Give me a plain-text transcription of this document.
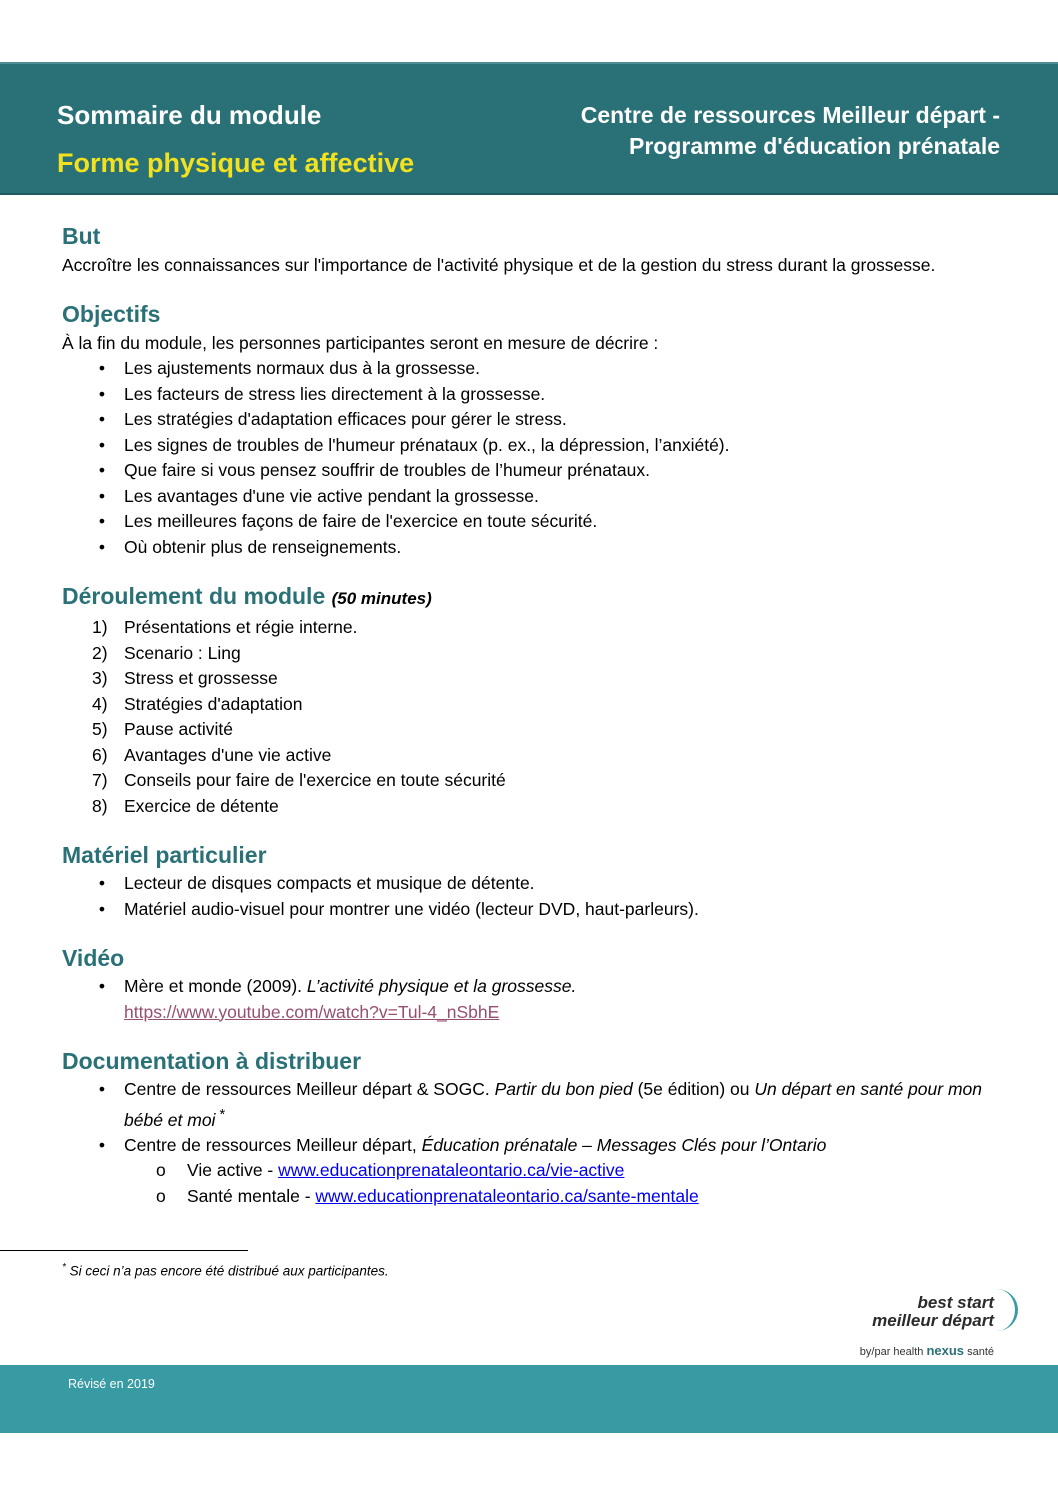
Sommaire du module
Forme physique et affective
Centre de ressources Meilleur départ -
Programme d'éducation prénatale
But

Accroître les connaissances sur l'importance de l'activité physique et de la gestion du stress durant la grossesse.

Objectifs

À la fin du module, les personnes participantes seront en mesure de décrire :

•	Les ajustements normaux dus à la grossesse.
•	Les facteurs de stress lies directement à la grossesse.
•	Les stratégies d'adaptation efficaces pour gérer le stress.
•	Les signes de troubles de l'humeur prénataux (p. ex., la dépression, l’anxiété).
•	Que faire si vous pensez souffrir de troubles de l’humeur prénataux.
•	Les avantages d'une vie active pendant la grossesse.
•	Les meilleures façons de faire de l'exercice en toute sécurité.
•	Où obtenir plus de renseignements.
Déroulement du module (50 minutes)
1) Présentations et régie interne.
2) Scenario : Ling
3) Stress et grossesse
4) Stratégies d'adaptation
5) Pause activité
6) Avantages d'une vie active
7) Conseils pour faire de l'exercice en toute sécurité
8) Exercice de détente
Matériel particulier
•	Lecteur de disques compacts et musique de détente.
•	Matériel audio-visuel pour montrer une vidéo (lecteur DVD, haut-parleurs).
Vidéo
•	Mère et monde (2009). L’activité physique et la grossesse.
https://www.youtube.com/watch?v=Tul-4_nSbhE
Documentation à distribuer
•	Centre de ressources Meilleur départ & SOGC. Partir du bon pied (5e édition) ou Un départ en santé pour mon bébé et moi *
•	Centre de ressources Meilleur départ, Éducation prénatale – Messages Clés pour l’Ontario
o Vie active - www.educationprenataleontario.ca/vie-active
o Santé mentale - www.educationprenataleontario.ca/sante-mentale
* Si ceci n’a pas encore été distribué aux participantes.
best start
meilleur départ
by/par health nexus santé
Révisé en 2019
